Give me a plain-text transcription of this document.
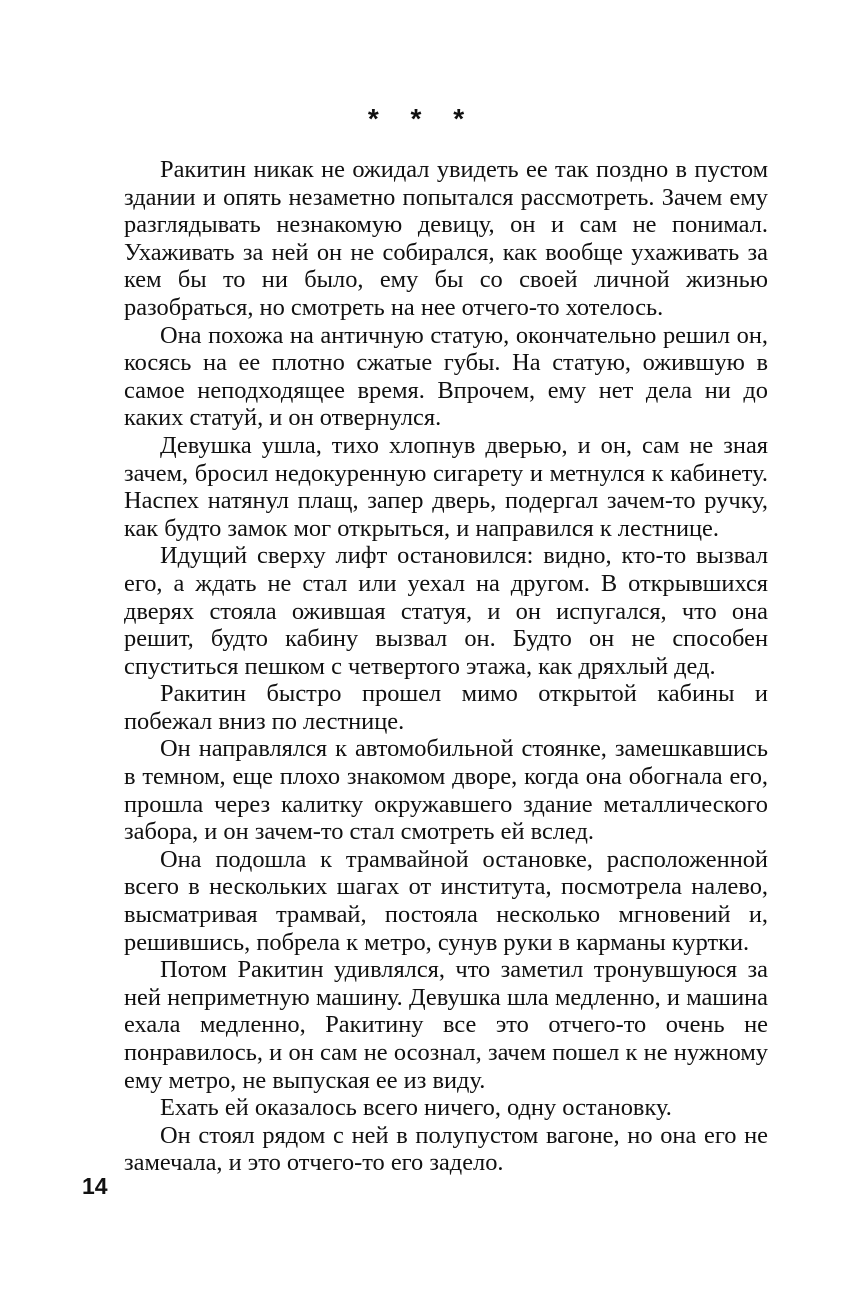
* * *

Ракитин никак не ожидал увидеть ее так поздно в пустом здании и опять незаметно попытался рассмотреть. Зачем ему разглядывать незнакомую девицу, он и сам не понимал. Ухаживать за ней он не собирался, как вообще ухаживать за кем бы то ни было, ему бы со своей личной жизнью разобраться, но смотреть на нее отчего-то хотелось.

Она похожа на античную статую, окончательно решил он, косясь на ее плотно сжатые губы. На статую, ожившую в самое неподходящее время. Впрочем, ему нет дела ни до каких статуй, и он отвернулся.

Девушка ушла, тихо хлопнув дверью, и он, сам не зная зачем, бросил недокуренную сигарету и метнулся к кабинету. Наспех натянул плащ, запер дверь, подергал зачем-то ручку, как будто замок мог открыться, и направился к лестнице.

Идущий сверху лифт остановился: видно, кто-то вызвал его, а ждать не стал или уехал на другом. В открывшихся дверях стояла ожившая статуя, и он испугался, что она решит, будто кабину вызвал он. Будто он не способен спуститься пешком с четвертого этажа, как дряхлый дед.

Ракитин быстро прошел мимо открытой кабины и побежал вниз по лестнице.

Он направлялся к автомобильной стоянке, замешкавшись в темном, еще плохо знакомом дворе, когда она обогнала его, прошла через калитку окружавшего здание металлического забора, и он зачем-то стал смотреть ей вслед.

Она подошла к трамвайной остановке, расположенной всего в нескольких шагах от института, посмотрела налево, высматривая трамвай, постояла несколько мгновений и, решившись, побрела к метро, сунув руки в карманы куртки.

Потом Ракитин удивлялся, что заметил тронувшуюся за ней неприметную машину. Девушка шла медленно, и машина ехала медленно, Ракитину все это отчего-то очень не понравилось, и он сам не осознал, зачем пошел к не нужному ему метро, не выпуская ее из виду.

Ехать ей оказалось всего ничего, одну остановку.

Он стоял рядом с ней в полупустом вагоне, но она его не замечала, и это отчего-то его задело.

14
